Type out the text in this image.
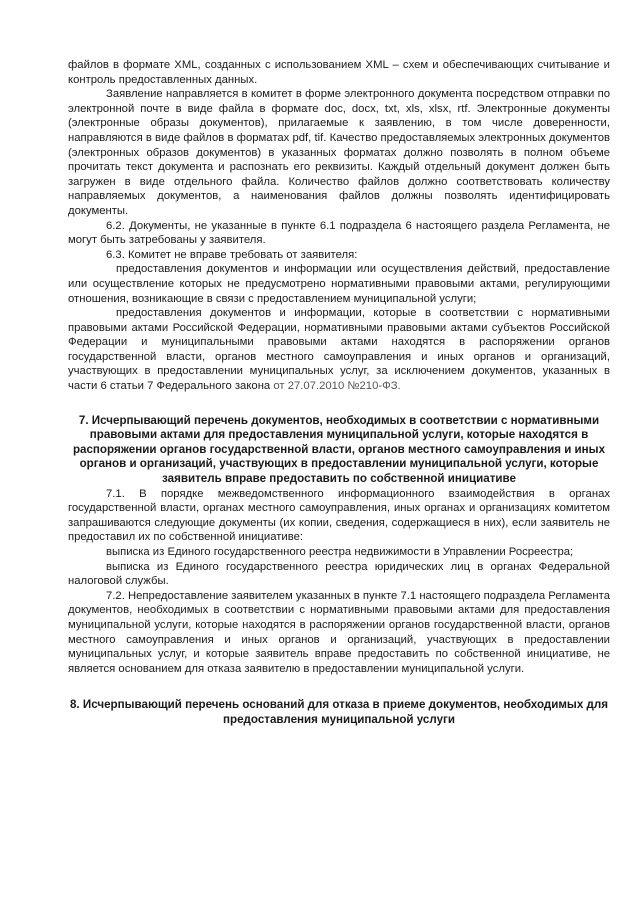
файлов в формате XML, созданных с использованием XML – схем и обеспечивающих считывание и контроль предоставленных данных.

Заявление направляется в комитет в форме электронного документа посредством отправки по электронной почте в виде файла в формате doc, docx, txt, xls, xlsx, rtf. Электронные документы (электронные образы документов), прилагаемые к заявлению, в том числе доверенности, направляются в виде файлов в форматах pdf, tif. Качество предоставляемых электронных документов (электронных образов документов) в указанных форматах должно позволять в полном объеме прочитать текст документа и распознать его реквизиты. Каждый отдельный документ должен быть загружен в виде отдельного файла. Количество файлов должно соответствовать количеству направляемых документов, а наименования файлов должны позволять идентифицировать документы.

6.2. Документы, не указанные в пункте 6.1 подраздела 6 настоящего раздела Регламента, не могут быть затребованы у заявителя.

6.3. Комитет не вправе требовать от заявителя:

предоставления документов и информации или осуществления действий, предоставление или осуществление которых не предусмотрено нормативными правовыми актами, регулирующими отношения, возникающие в связи с предоставлением муниципальной услуги;

предоставления документов и информации, которые в соответствии с нормативными правовыми актами Российской Федерации, нормативными правовыми актами субъектов Российской Федерации и муниципальными правовыми актами находятся в распоряжении органов государственной власти, органов местного самоуправления и иных органов и организаций, участвующих в предоставлении муниципальных услуг, за исключением документов, указанных в части 6 статьи 7 Федерального закона от 27.07.2010 №210-ФЗ.

7. Исчерпывающий перечень документов, необходимых в соответствии с нормативными правовыми актами для предоставления муниципальной услуги, которые находятся в распоряжении органов государственной власти, органов местного самоуправления и иных органов и организаций, участвующих в предоставлении муниципальной услуги, которые заявитель вправе предоставить по собственной инициативе

7.1. В порядке межведомственного информационного взаимодействия в органах государственной власти, органах местного самоуправления, иных органах и организациях комитетом запрашиваются следующие документы (их копии, сведения, содержащиеся в них), если заявитель не предоставил их по собственной инициативе:

выписка из Единого государственного реестра недвижимости в Управлении Росреестра;

выписка из Единого государственного реестра юридических лиц в органах Федеральной налоговой службы.

7.2. Непредоставление заявителем указанных в пункте 7.1 настоящего подраздела Регламента документов, необходимых в соответствии с нормативными правовыми актами для предоставления муниципальной услуги, которые находятся в распоряжении органов государственной власти, органов местного самоуправления и иных органов и организаций, участвующих в предоставлении муниципальных услуг, и которые заявитель вправе предоставить по собственной инициативе, не является основанием для отказа заявителю в предоставлении муниципальной услуги.

8. Исчерпывающий перечень оснований для отказа в приеме документов, необходимых для предоставления муниципальной услуги
